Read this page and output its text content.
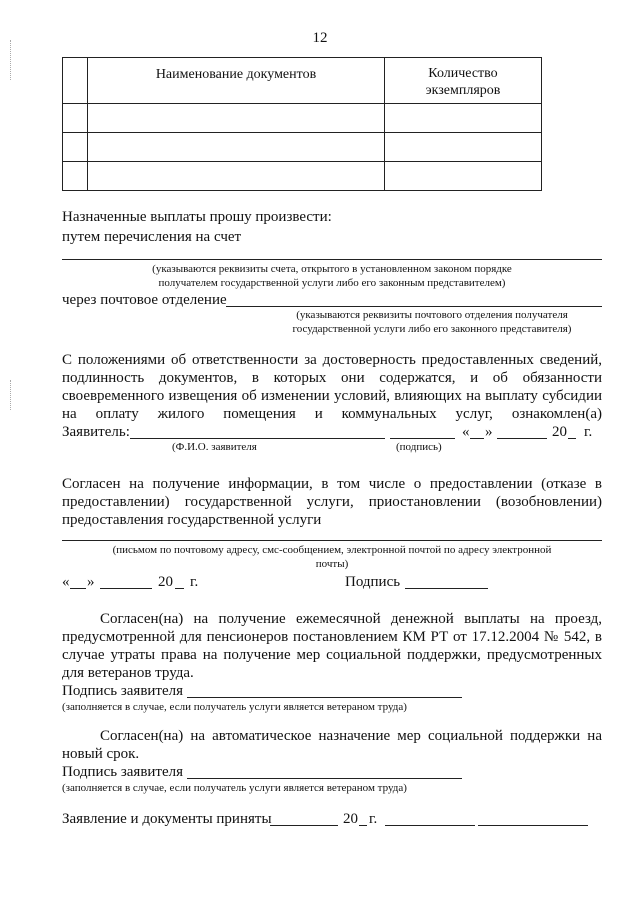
12
	Наименование документов	Количество экземпляров

Назначенные выплаты прошу произвести:
путем перечисления на счет
(указываются реквизиты счета, открытого в установленном законом порядке
получателем государственной услуги либо его законным представителем)
через почтовое отделение
(указываются реквизиты почтового отделения получателя
государственной услуги либо его законного представителя)
С положениями об ответственности за достоверность предоставленных сведений,
подлинность документов, в которых они содержатся, и об обязанности
своевременного извещения об изменении условий, влияющих на выплату субсидии
на оплату жилого помещения и коммунальных услуг, ознакомлен(а)
Заявитель:	« »	20 г.
(Ф.И.О. заявителя	(подпись)
Согласен на получение информации, в том числе о предоставлении (отказе в
предоставлении) государственной услуги, приостановлении (возобновлении)
предоставления государственной услуги
(письмом по почтовому адресу, смс-сообщением, электронной почтой по адресу электронной
почты)
« »	20 г.	Подпись
Согласен(на) на получение ежемесячной денежной выплаты на проезд,
предусмотренной для пенсионеров постановлением КМ РТ от 17.12.2004 № 542, в
случае утраты права на получение мер социальной поддержки, предусмотренных
для ветеранов труда.
Подпись заявителя
(заполняется в случае, если получатель услуги является ветераном труда)
Согласен(на) на автоматическое назначение мер социальной поддержки на
новый срок.
Подпись заявителя
(заполняется в случае, если получатель услуги является ветераном труда)
Заявление и документы приняты	20 г.
